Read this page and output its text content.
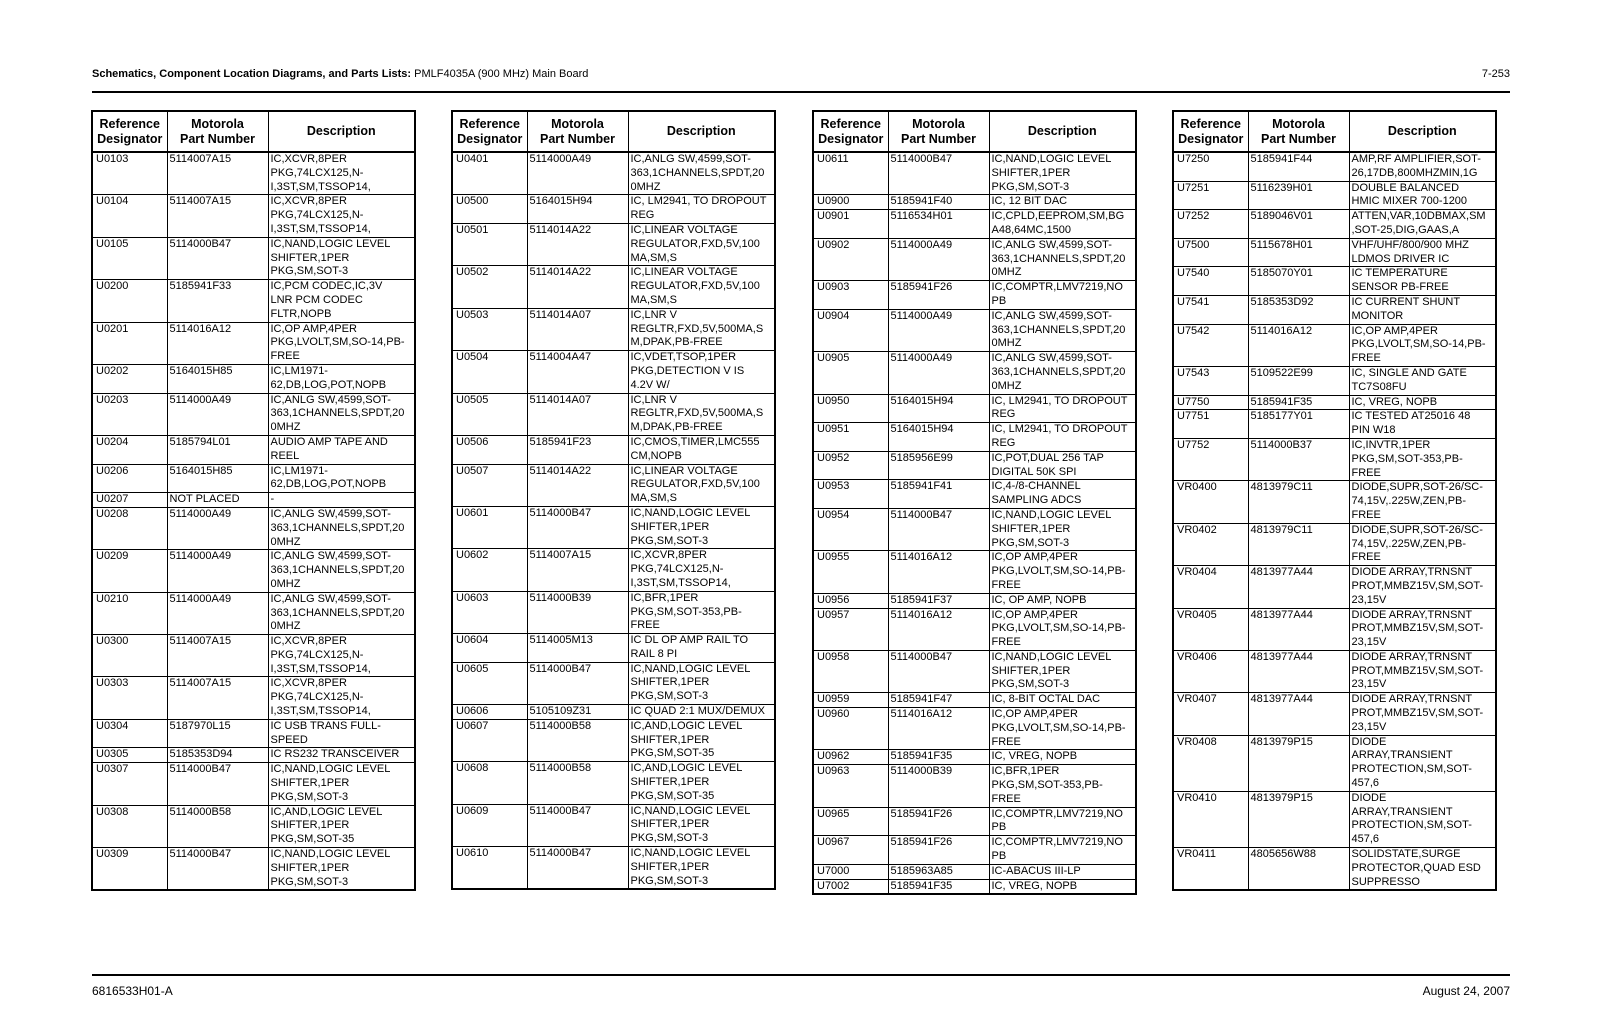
Schematics, Component Location Diagrams, and Parts Lists: PMLF4035A (900 MHz) Main Board	7-253
Reference
Designator	Motorola
Part Number	Description
U0103	5114007A15	IC,XCVR,8PER
PKG,74LCX125,N-
I,3ST,SM,TSSOP14,
U0104	5114007A15	IC,XCVR,8PER
PKG,74LCX125,N-
I,3ST,SM,TSSOP14,
U0105	5114000B47	IC,NAND,LOGIC LEVEL
SHIFTER,1PER
PKG,SM,SOT-3
U0200	5185941F33	IC,PCM CODEC,IC,3V
LNR PCM CODEC
FLTR,NOPB
U0201	5114016A12	IC,OP AMP,4PER
PKG,LVOLT,SM,SO-14,PB-
FREE
U0202	5164015H85	IC,LM1971-
62,DB,LOG,POT,NOPB
U0203	5114000A49	IC,ANLG SW,4599,SOT-
363,1CHANNELS,SPDT,20
0MHZ
U0204	5185794L01	AUDIO AMP TAPE AND
REEL
U0206	5164015H85	IC,LM1971-
62,DB,LOG,POT,NOPB
U0207	NOT PLACED	-
U0208	5114000A49	IC,ANLG SW,4599,SOT-
363,1CHANNELS,SPDT,20
0MHZ
U0209	5114000A49	IC,ANLG SW,4599,SOT-
363,1CHANNELS,SPDT,20
0MHZ
U0210	5114000A49	IC,ANLG SW,4599,SOT-
363,1CHANNELS,SPDT,20
0MHZ
U0300	5114007A15	IC,XCVR,8PER
PKG,74LCX125,N-
I,3ST,SM,TSSOP14,
U0303	5114007A15	IC,XCVR,8PER
PKG,74LCX125,N-
I,3ST,SM,TSSOP14,
U0304	5187970L15	IC USB TRANS FULL-
SPEED
U0305	5185353D94	IC RS232 TRANSCEIVER
U0307	5114000B47	IC,NAND,LOGIC LEVEL
SHIFTER,1PER
PKG,SM,SOT-3
U0308	5114000B58	IC,AND,LOGIC LEVEL
SHIFTER,1PER
PKG,SM,SOT-35
U0309	5114000B47	IC,NAND,LOGIC LEVEL
SHIFTER,1PER
PKG,SM,SOT-3
Reference
Designator	Motorola
Part Number	Description
U0401	5114000A49	IC,ANLG SW,4599,SOT-
363,1CHANNELS,SPDT,20
0MHZ
U0500	5164015H94	IC, LM2941, TO DROPOUT
REG
U0501	5114014A22	IC,LINEAR VOLTAGE
REGULATOR,FXD,5V,100
MA,SM,S
U0502	5114014A22	IC,LINEAR VOLTAGE
REGULATOR,FXD,5V,100
MA,SM,S
U0503	5114014A07	IC,LNR V
REGLTR,FXD,5V,500MA,S
M,DPAK,PB-FREE
U0504	5114004A47	IC,VDET,TSOP,1PER
PKG,DETECTION V IS
4.2V W/
U0505	5114014A07	IC,LNR V
REGLTR,FXD,5V,500MA,S
M,DPAK,PB-FREE
U0506	5185941F23	IC,CMOS,TIMER,LMC555
CM,NOPB
U0507	5114014A22	IC,LINEAR VOLTAGE
REGULATOR,FXD,5V,100
MA,SM,S
U0601	5114000B47	IC,NAND,LOGIC LEVEL
SHIFTER,1PER
PKG,SM,SOT-3
U0602	5114007A15	IC,XCVR,8PER
PKG,74LCX125,N-
I,3ST,SM,TSSOP14,
U0603	5114000B39	IC,BFR,1PER
PKG,SM,SOT-353,PB-
FREE
U0604	5114005M13	IC DL OP AMP RAIL TO
RAIL 8 PI
U0605	5114000B47	IC,NAND,LOGIC LEVEL
SHIFTER,1PER
PKG,SM,SOT-3
U0606	5105109Z31	IC QUAD 2:1 MUX/DEMUX
U0607	5114000B58	IC,AND,LOGIC LEVEL
SHIFTER,1PER
PKG,SM,SOT-35
U0608	5114000B58	IC,AND,LOGIC LEVEL
SHIFTER,1PER
PKG,SM,SOT-35
U0609	5114000B47	IC,NAND,LOGIC LEVEL
SHIFTER,1PER
PKG,SM,SOT-3
U0610	5114000B47	IC,NAND,LOGIC LEVEL
SHIFTER,1PER
PKG,SM,SOT-3
Reference
Designator	Motorola
Part Number	Description
U0611	5114000B47	IC,NAND,LOGIC LEVEL
SHIFTER,1PER
PKG,SM,SOT-3
U0900	5185941F40	IC, 12 BIT DAC
U0901	5116534H01	IC,CPLD,EEPROM,SM,BG
A48,64MC,1500
U0902	5114000A49	IC,ANLG SW,4599,SOT-
363,1CHANNELS,SPDT,20
0MHZ
U0903	5185941F26	IC,COMPTR,LMV7219,NO
PB
U0904	5114000A49	IC,ANLG SW,4599,SOT-
363,1CHANNELS,SPDT,20
0MHZ
U0905	5114000A49	IC,ANLG SW,4599,SOT-
363,1CHANNELS,SPDT,20
0MHZ
U0950	5164015H94	IC, LM2941, TO DROPOUT
REG
U0951	5164015H94	IC, LM2941, TO DROPOUT
REG
U0952	5185956E99	IC,POT,DUAL 256 TAP
DIGITAL 50K SPI
U0953	5185941F41	IC,4-/8-CHANNEL
SAMPLING ADCS
U0954	5114000B47	IC,NAND,LOGIC LEVEL
SHIFTER,1PER
PKG,SM,SOT-3
U0955	5114016A12	IC,OP AMP,4PER
PKG,LVOLT,SM,SO-14,PB-
FREE
U0956	5185941F37	IC, OP AMP, NOPB
U0957	5114016A12	IC,OP AMP,4PER
PKG,LVOLT,SM,SO-14,PB-
FREE
U0958	5114000B47	IC,NAND,LOGIC LEVEL
SHIFTER,1PER
PKG,SM,SOT-3
U0959	5185941F47	IC, 8-BIT OCTAL DAC
U0960	5114016A12	IC,OP AMP,4PER
PKG,LVOLT,SM,SO-14,PB-
FREE
U0962	5185941F35	IC, VREG, NOPB
U0963	5114000B39	IC,BFR,1PER
PKG,SM,SOT-353,PB-
FREE
U0965	5185941F26	IC,COMPTR,LMV7219,NO
PB
U0967	5185941F26	IC,COMPTR,LMV7219,NO
PB
U7000	5185963A85	IC-ABACUS III-LP
U7002	5185941F35	IC, VREG, NOPB
Reference
Designator	Motorola
Part Number	Description
U7250	5185941F44	AMP,RF AMPLIFIER,SOT-
26,17DB,800MHZMIN,1G
U7251	5116239H01	DOUBLE BALANCED
HMIC MIXER 700-1200
U7252	5189046V01	ATTEN,VAR,10DBMAX,SM
,SOT-25,DIG,GAAS,A
U7500	5115678H01	VHF/UHF/800/900 MHZ
LDMOS DRIVER IC
U7540	5185070Y01	IC TEMPERATURE
SENSOR PB-FREE
U7541	5185353D92	IC CURRENT SHUNT
MONITOR
U7542	5114016A12	IC,OP AMP,4PER
PKG,LVOLT,SM,SO-14,PB-
FREE
U7543	5109522E99	IC, SINGLE AND GATE
TC7S08FU
U7750	5185941F35	IC, VREG, NOPB
U7751	5185177Y01	IC TESTED AT25016 48
PIN W18
U7752	5114000B37	IC,INVTR,1PER
PKG,SM,SOT-353,PB-
FREE
VR0400	4813979C11	DIODE,SUPR,SOT-26/SC-
74,15V,.225W,ZEN,PB-
FREE
VR0402	4813979C11	DIODE,SUPR,SOT-26/SC-
74,15V,.225W,ZEN,PB-
FREE
VR0404	4813977A44	DIODE ARRAY,TRNSNT
PROT,MMBZ15V,SM,SOT-
23,15V
VR0405	4813977A44	DIODE ARRAY,TRNSNT
PROT,MMBZ15V,SM,SOT-
23,15V
VR0406	4813977A44	DIODE ARRAY,TRNSNT
PROT,MMBZ15V,SM,SOT-
23,15V
VR0407	4813977A44	DIODE ARRAY,TRNSNT
PROT,MMBZ15V,SM,SOT-
23,15V
VR0408	4813979P15	DIODE
ARRAY,TRANSIENT
PROTECTION,SM,SOT-
457,6
VR0410	4813979P15	DIODE
ARRAY,TRANSIENT
PROTECTION,SM,SOT-
457,6
VR0411	4805656W88	SOLIDSTATE,SURGE
PROTECTOR,QUAD ESD
SUPPRESSO
6816533H01-A	August 24, 2007
